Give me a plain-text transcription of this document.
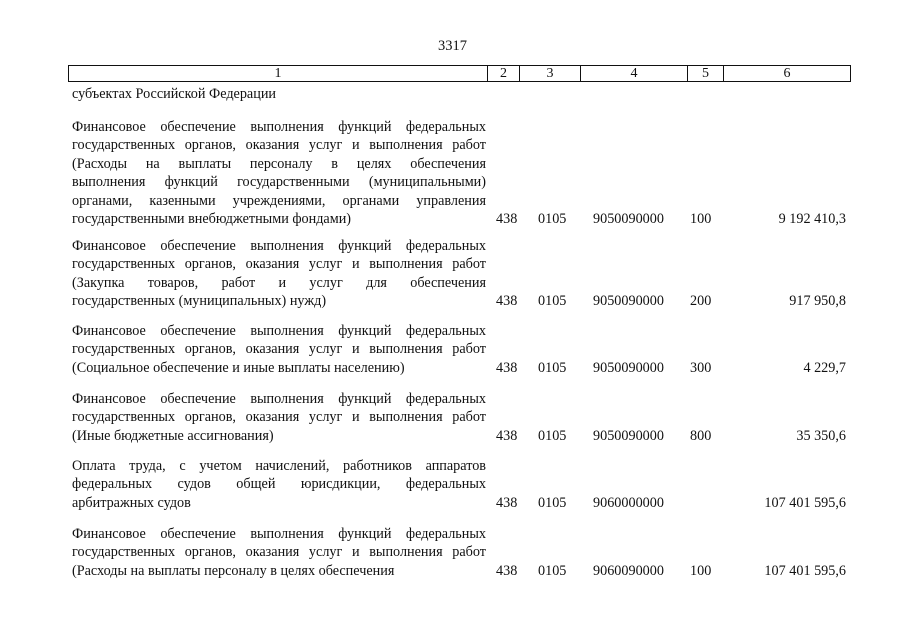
3317
1	2	3	4	5	6
субъектах Российской Федерации
Финансовое обеспечение выполнения функций федеральных
государственных органов, оказания услуг и выполнения работ
(Расходы на выплаты персоналу в целях обеспечения
выполнения функций государственными (муниципальными)
органами, казенными учреждениями, органами управления
государственными внебюджетными фондами)	438 0105 9050090000 100	9 192 410,3
Финансовое обеспечение выполнения функций федеральных
государственных органов, оказания услуг и выполнения работ
(Закупка товаров, работ и услуг для обеспечения
государственных (муниципальных) нужд)	438 0105 9050090000 200	917 950,8
Финансовое обеспечение выполнения функций федеральных
государственных органов, оказания услуг и выполнения работ
(Социальное обеспечение и иные выплаты населению)	438 0105 9050090000 300	4 229,7
Финансовое обеспечение выполнения функций федеральных
государственных органов, оказания услуг и выполнения работ
(Иные бюджетные ассигнования)	438 0105 9050090000 800	35 350,6
Оплата труда, с учетом начислений, работников аппаратов
федеральных судов общей юрисдикции, федеральных
арбитражных судов	438 0105 9060000000	107 401 595,6
Финансовое обеспечение выполнения функций федеральных
государственных органов, оказания услуг и выполнения работ
(Расходы на выплаты персоналу в целях обеспечения	438 0105 9060090000 100	107 401 595,6
